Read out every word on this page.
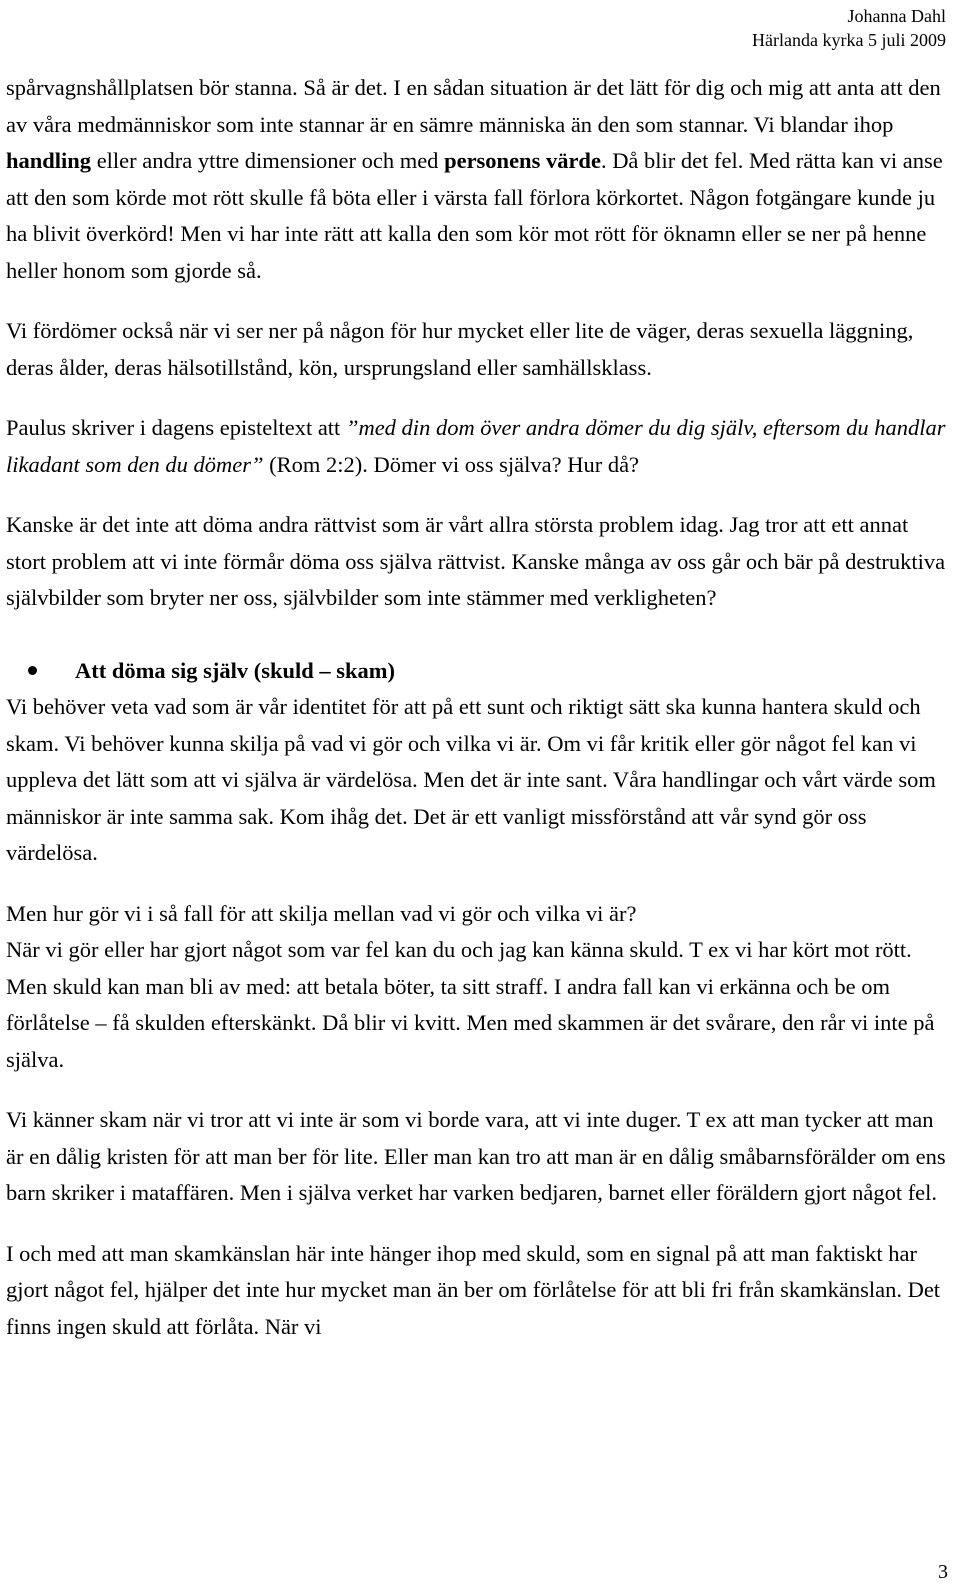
Johanna Dahl
Härlanda kyrka 5 juli 2009

spårvagnshållplatsen bör stanna. Så är det. I en sådan situation är det lätt för dig och mig att anta att den av våra medmänniskor som inte stannar är en sämre människa än den som stannar. Vi blandar ihop handling eller andra yttre dimensioner och med personens värde. Då blir det fel. Med rätta kan vi anse att den som körde mot rött skulle få böta eller i värsta fall förlora körkortet. Någon fotgängare kunde ju ha blivit överkörd! Men vi har inte rätt att kalla den som kör mot rött för öknamn eller se ner på henne heller honom som gjorde så.

Vi fördömer också när vi ser ner på någon för hur mycket eller lite de väger, deras sexuella läggning, deras ålder, deras hälsotillstånd, kön, ursprungsland eller samhällsklass.

Paulus skriver i dagens episteltext att ”med din dom över andra dömer du dig själv, eftersom du handlar likadant som den du dömer” (Rom 2:2). Dömer vi oss själva? Hur då?

Kanske är det inte att döma andra rättvist som är vårt allra största problem idag. Jag tror att ett annat stort problem att vi inte förmår döma oss själva rättvist. Kanske många av oss går och bär på destruktiva självbilder som bryter ner oss, självbilder som inte stämmer med verkligheten?

Att döma sig själv (skuld – skam)

Vi behöver veta vad som är vår identitet för att på ett sunt och riktigt sätt ska kunna hantera skuld och skam. Vi behöver kunna skilja på vad vi gör och vilka vi är. Om vi får kritik eller gör något fel kan vi uppleva det lätt som att vi själva är värdelösa. Men det är inte sant. Våra handlingar och vårt värde som människor är inte samma sak. Kom ihåg det. Det är ett vanligt missförstånd att vår synd gör oss värdelösa.

Men hur gör vi i så fall för att skilja mellan vad vi gör och vilka vi är?

När vi gör eller har gjort något som var fel kan du och jag kan känna skuld. T ex vi har kört mot rött. Men skuld kan man bli av med: att betala böter, ta sitt straff. I andra fall kan vi erkänna och be om förlåtelse – få skulden efterskänkt. Då blir vi kvitt. Men med skammen är det svårare, den rår vi inte på själva.

Vi känner skam när vi tror att vi inte är som vi borde vara, att vi inte duger. T ex att man tycker att man är en dålig kristen för att man ber för lite. Eller man kan tro att man är en dålig småbarnsförälder om ens barn skriker i mataffären. Men i själva verket har varken bedjaren, barnet eller föräldern gjort något fel.

I och med att man skamkänslan här inte hänger ihop med skuld, som en signal på att man faktiskt har gjort något fel, hjälper det inte hur mycket man än ber om förlåtelse för att bli fri från skamkänslan. Det finns ingen skuld att förlåta. När vi

3
